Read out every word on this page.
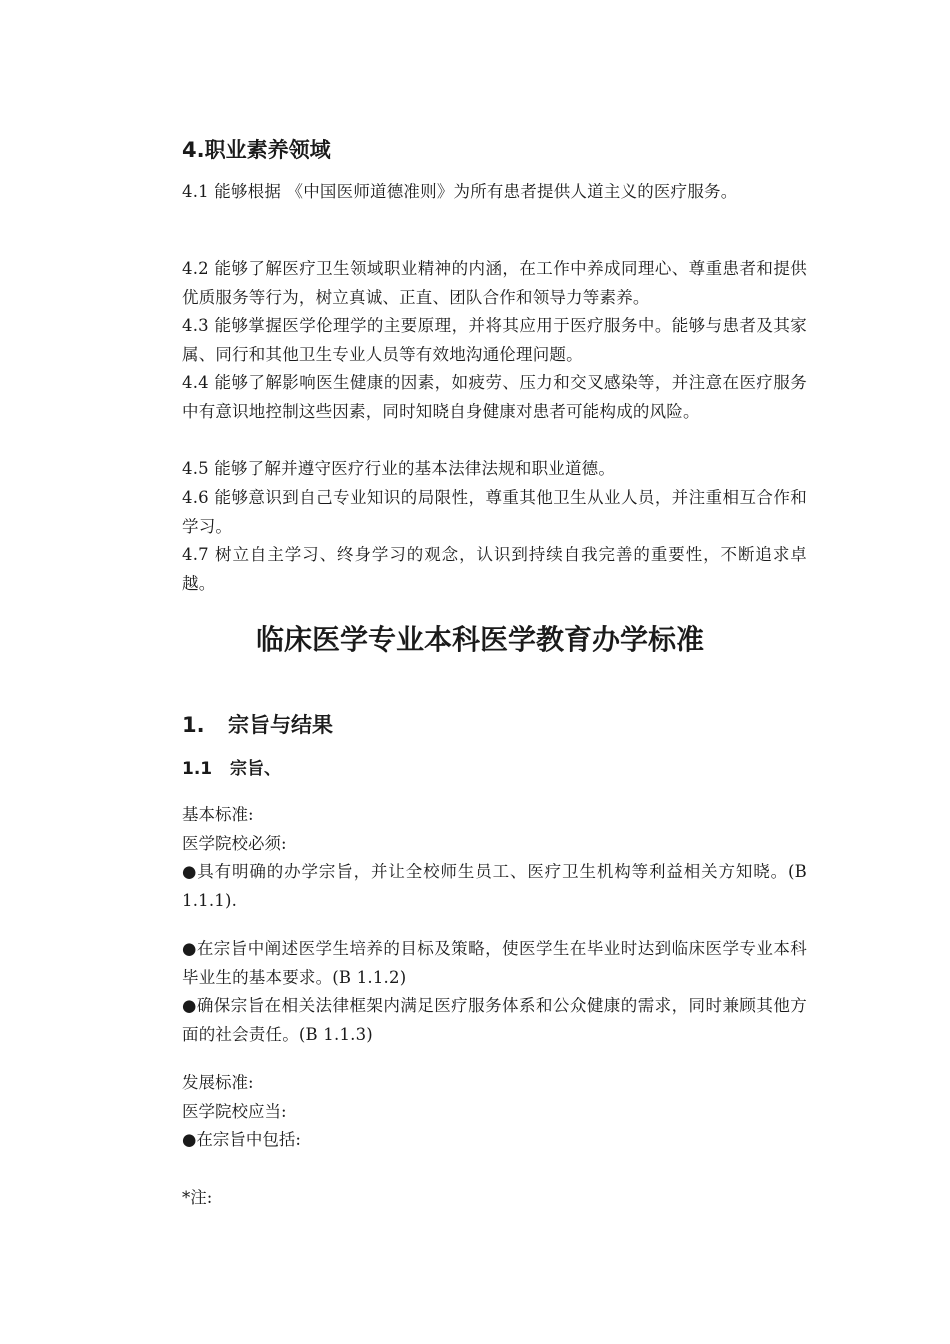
4.职业素养领域

4.1 能够根据 《中国医师道德准则》为所有患者提供人道主义的医疗服务。

4.2 能够了解医疗卫生领域职业精神的内涵，在工作中养成同理心、尊重患者和提供优质服务等行为，树立真诚、正直、团队合作和领导力等素养。

4.3 能够掌握医学伦理学的主要原理，并将其应用于医疗服务中。能够与患者及其家属、同行和其他卫生专业人员等有效地沟通伦理问题。

4.4 能够了解影响医生健康的因素，如疲劳、压力和交叉感染等，并注意在医疗服务中有意识地控制这些因素，同时知晓自身健康对患者可能构成的风险。

4.5 能够了解并遵守医疗行业的基本法律法规和职业道德。

4.6 能够意识到自己专业知识的局限性，尊重其他卫生从业人员，并注重相互合作和学习。

4.7 树立自主学习、终身学习的观念，认识到持续自我完善的重要性，不断追求卓越。

临床医学专业本科医学教育办学标准
1. 宗旨与结果
1.1 宗旨、

基本标准:

医学院校必须:

●具有明确的办学宗旨，并让全校师生员工、医疗卫生机构等利益相关方知晓。(B 1.1.1).

●在宗旨中阐述医学生培养的目标及策略，使医学生在毕业时达到临床医学专业本科毕业生的基本要求。(B 1.1.2)

●确保宗旨在相关法律框架内满足医疗服务体系和公众健康的需求，同时兼顾其他方面的社会责任。(B 1.1.3)

发展标准:

医学院校应当:

●在宗旨中包括:

*注:
